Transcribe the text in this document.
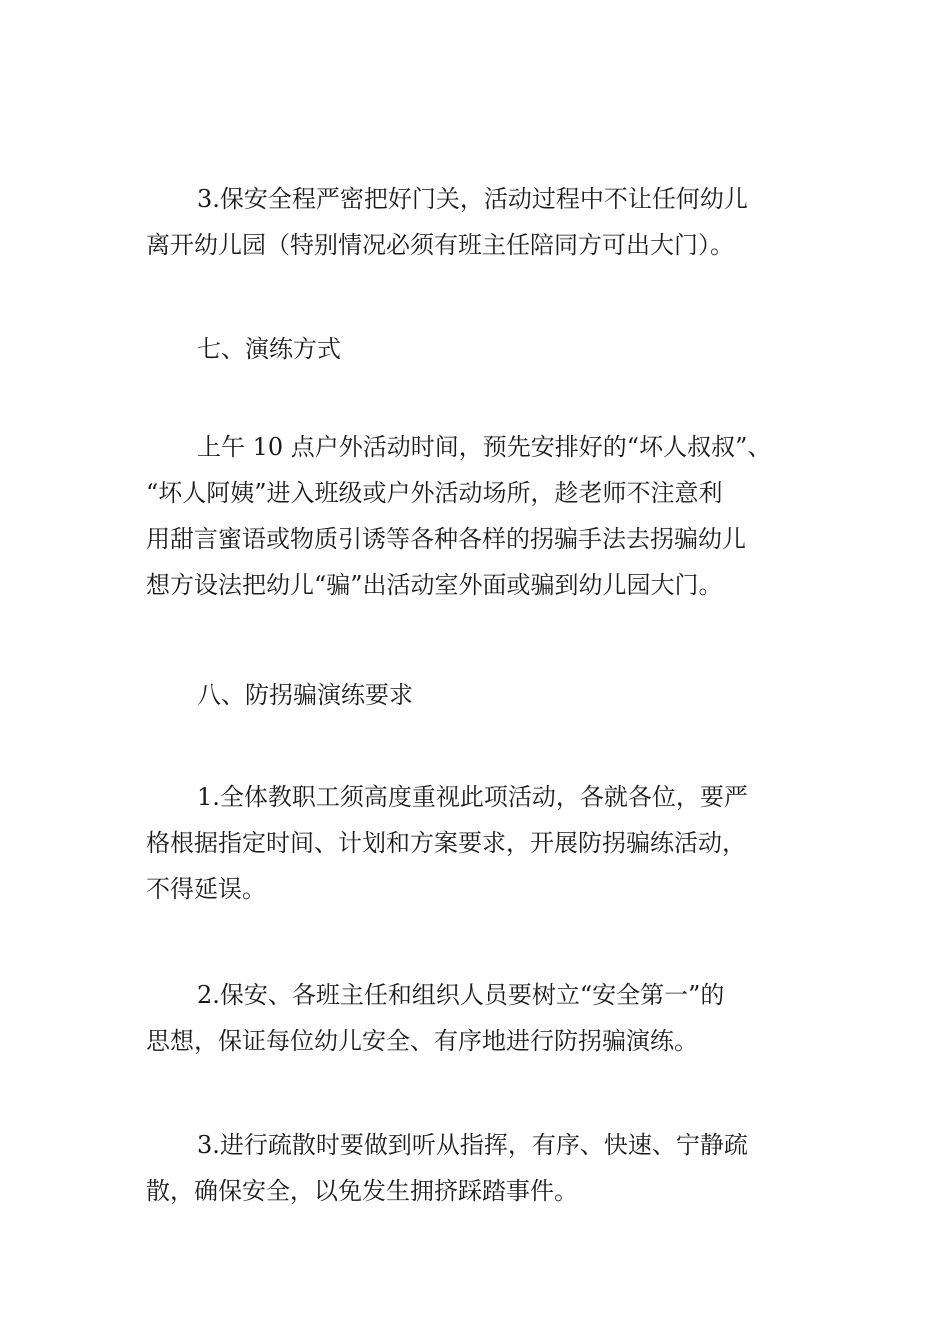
3.保安全程严密把好门关，活动过程中不让任何幼儿
离开幼儿园（特别情况必须有班主任陪同方可出大门）。
七、演练方式
上午 10 点户外活动时间，预先安排好的“坏人叔叔”、
“坏人阿姨”进入班级或户外活动场所，趁老师不注意利
用甜言蜜语或物质引诱等各种各样的拐骗手法去拐骗幼儿
想方设法把幼儿“骗”出活动室外面或骗到幼儿园大门。
八、防拐骗演练要求
1.全体教职工须高度重视此项活动，各就各位，要严
格根据指定时间、计划和方案要求，开展防拐骗练活动，
不得延误。
2.保安、各班主任和组织人员要树立“安全第一”的
思想，保证每位幼儿安全、有序地进行防拐骗演练。
3.进行疏散时要做到听从指挥，有序、快速、宁静疏
散，确保安全，以免发生拥挤踩踏事件。
